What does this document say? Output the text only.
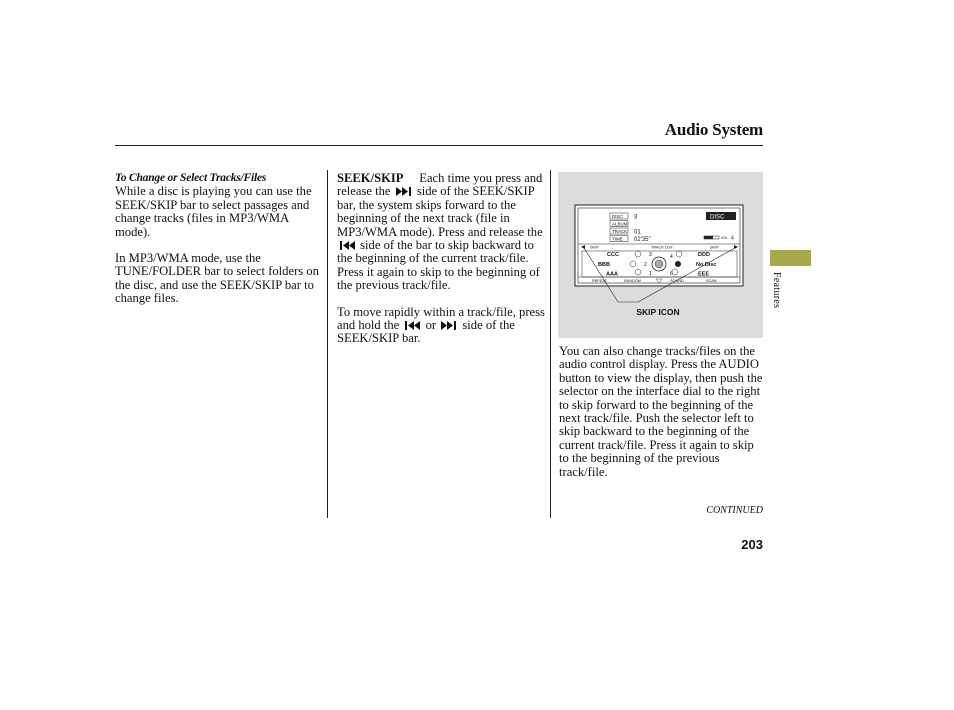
Audio System
Features
To Change or Select Tracks/Files

While a disc is playing you can use the SEEK/SKIP bar to select passages and change tracks (files in MP3/WMA mode).

In MP3/WMA mode, use the TUNE/FOLDER bar to select folders on the disc, and use the SEEK/SKIP bar to change files.

SEEK/SKIP Each time you press and release the side of the SEEK/SKIP bar, the system skips forward to the beginning of the next track (file in MP3/WMA mode). Press and release the  side of the bar to skip backward to the beginning of the current track/file. Press it again to skip to the beginning of the previous track/file.

To move rapidly within a track/file, press and hold the or side of the SEEK/SKIP bar.

DISC
ALBUM
TRACK
TIME
3
01
02'35"
DISC
VOL 4
SKIP	TRACK LIST	SKIP
CCC
BBB
AAA
DDD
No Disc
EEE
3	4
2
1	6
REPEAT	RANDOM	SOUND	SCAN
SKIP ICON

You can also change tracks/files on the audio control display. Press the AUDIO button to view the display, then push the selector on the interface dial to the right to skip forward to the beginning of the next track/file. Push the selector left to skip backward to the beginning of the current track/file. Press it again to skip to the beginning of the previous track/file.

CONTINUED
203
